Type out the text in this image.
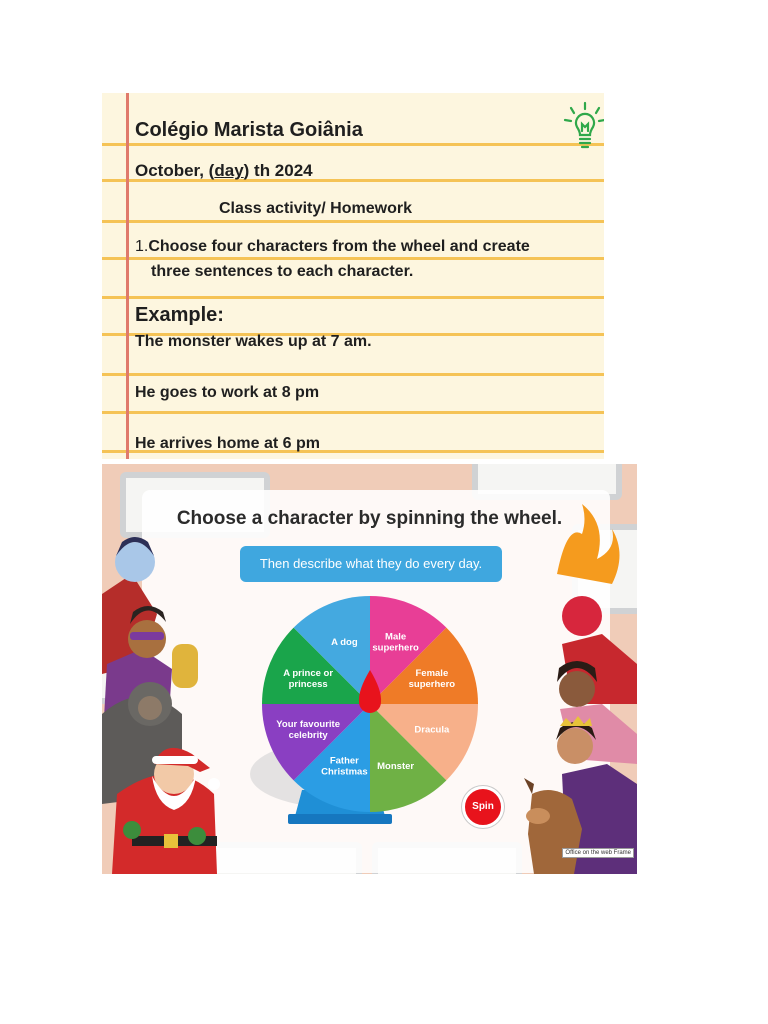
Colégio Marista Goiânia
October, (day) th 2024
Class activity/ Homework
1.Choose four characters from the wheel and create
three sentences to each character.
Example:
The monster wakes up at 7 am.
He goes to work at 8 pm
He arrives home at 6 pm
Choose a character by spinning the wheel.
Then describe what they do every day.
Male superhero
Female superhero
Dracula
Monster
Father Christmas
Your favourite celebrity
A prince or princess
A dog
Spin
Office on the web Frame
